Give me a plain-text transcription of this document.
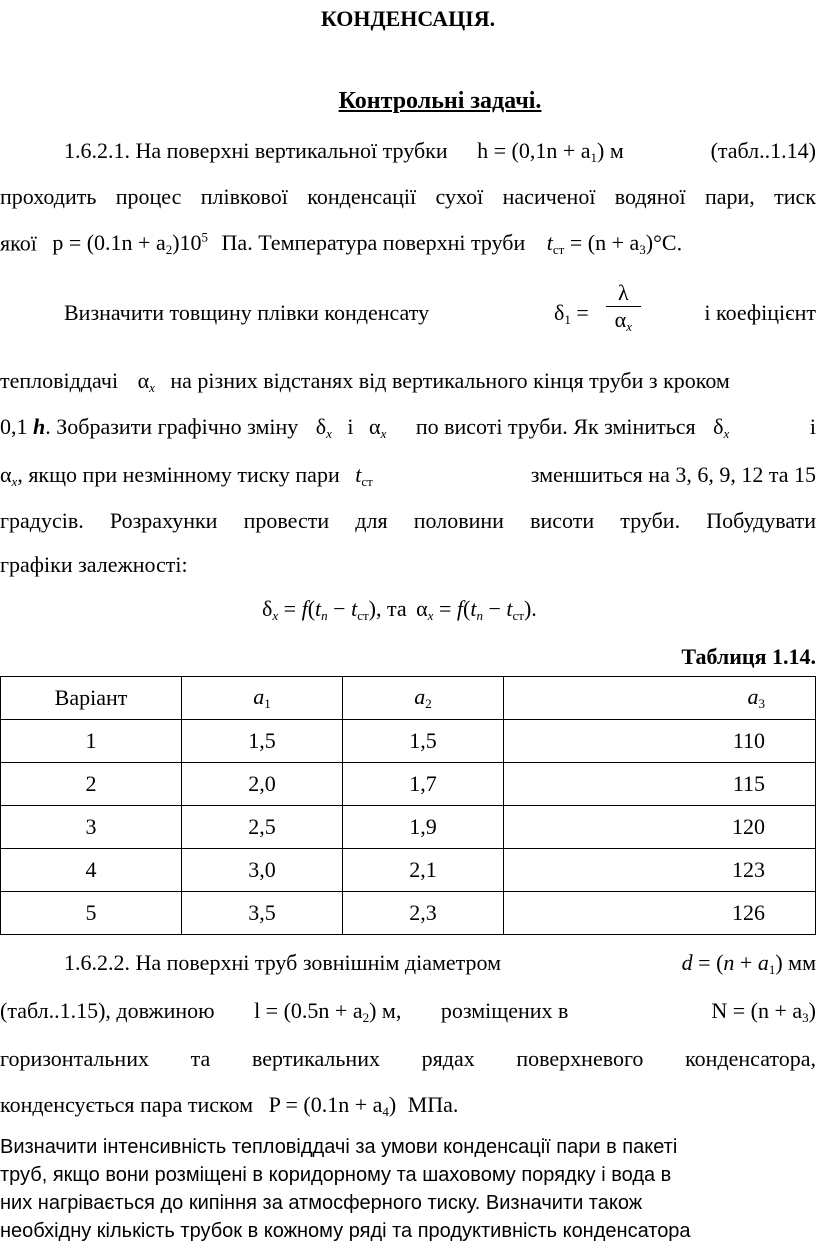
КОНДЕНСАЦІЯ.
Контрольні задачі.
1.6.2.1. На поверхні вертикальної трубки $h = (0,1n + a_1)$ м	(табл..1.14)
проходить процес плівкової конденсації сухої насиченої водяної пари, тиск
якої $p = (0.1n + a_2)10^5$ Па. Температура поверхні труби $t_{ст} = (n + a_3)^\circ C$.
Визначити товщину плівки конденсату	$\delta_1 = \frac{\lambda}{\alpha_x}$	і коефіцієнт
тепловіддачі $\alpha_x$ на різних відстанях від вертикального кінця труби з кроком
0,1 h. Зобразити графічно зміну $\delta_x$ і $\alpha_x$ по висоті труби. Як зміниться $\delta_x$	і
$\alpha_x$, якщо при незмінному тиску пари $t_{ст}$	зменшиться на 3, 6, 9, 12 та 15
градусів. Розрахунки провести для половини висоти труби. Побудувати
графіки залежності:
$\delta_x = f(t_n - t_{ст})$, та $\alpha_x = f(t_n - t_{ст})$.
Таблиця 1.14.
Варіант	$a_1$	$a_2$	$a_3$
1	1,5	1,5	110
2	2,0	1,7	115
3	2,5	1,9	120
4	3,0	2,1	123
5	3,5	2,3	126
1.6.2.2. На поверхні труб зовнішнім діаметром	$d = (n + a_1)$ мм
(табл..1.15), довжиною $l = (0.5n + a_2)$ м, розміщених в	$N = (n + a_3)$
горизонтальних та вертикальних рядах поверхневого конденсатора,
конденсується пара тиском $P = (0.1n + a_4)$ МПа.
Визначити інтенсивність тепловіддачі за умови конденсації пари в пакеті
труб, якщо вони розміщені в коридорному та шаховому порядку і вода в
них нагрівається до кипіння за атмосферного тиску. Визначити також
необхідну кількість трубок в кожному ряді та продуктивність конденсатора
